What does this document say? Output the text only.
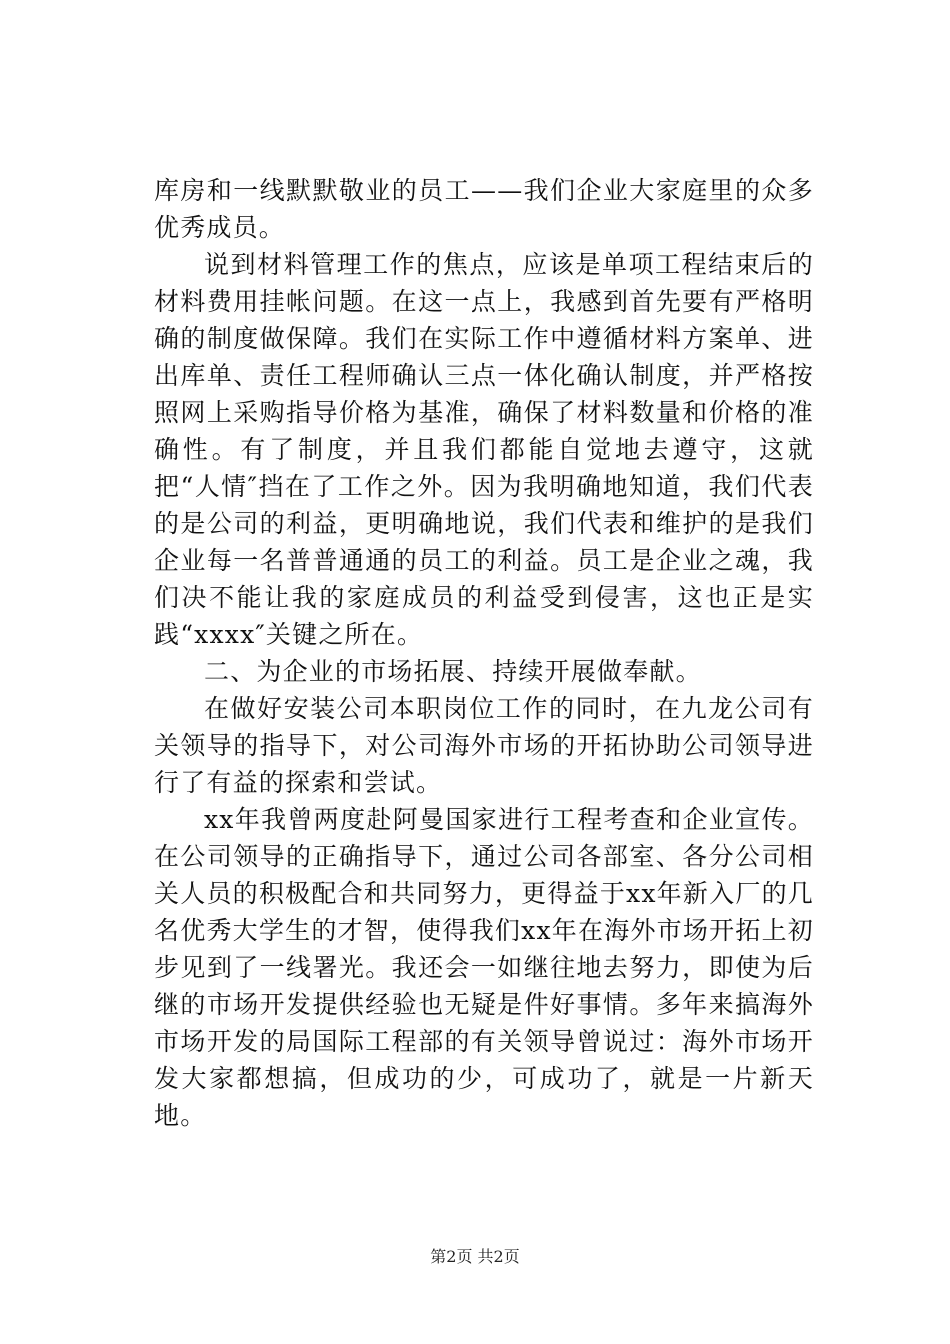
库房和一线默默敬业的员工——我们企业大家庭里的众多优秀成员。

说到材料管理工作的焦点，应该是单项工程结束后的材料费用挂帐问题。在这一点上，我感到首先要有严格明确的制度做保障。我们在实际工作中遵循材料方案单、进出库单、责任工程师确认三点一体化确认制度，并严格按照网上采购指导价格为基准，确保了材料数量和价格的准确性。有了制度，并且我们都能自觉地去遵守，这就把“人情″挡在了工作之外。因为我明确地知道，我们代表的是公司的利益，更明确地说，我们代表和维护的是我们企业每一名普普通通的员工的利益。员工是企业之魂，我们决不能让我的家庭成员的利益受到侵害，这也正是实践“xxxx″关键之所在。

二、为企业的市场拓展、持续开展做奉献。

在做好安装公司本职岗位工作的同时，在九龙公司有关领导的指导下，对公司海外市场的开拓协助公司领导进行了有益的探索和尝试。

xx年我曾两度赴阿曼国家进行工程考查和企业宣传。在公司领导的正确指导下，通过公司各部室、各分公司相关人员的积极配合和共同努力，更得益于xx年新入厂的几名优秀大学生的才智，使得我们xx年在海外市场开拓上初步见到了一线署光。我还会一如继往地去努力，即使为后继的市场开发提供经验也无疑是件好事情。多年来搞海外市场开发的局国际工程部的有关领导曾说过：海外市场开发大家都想搞，但成功的少，可成功了，就是一片新天地。

第2页 共2页
